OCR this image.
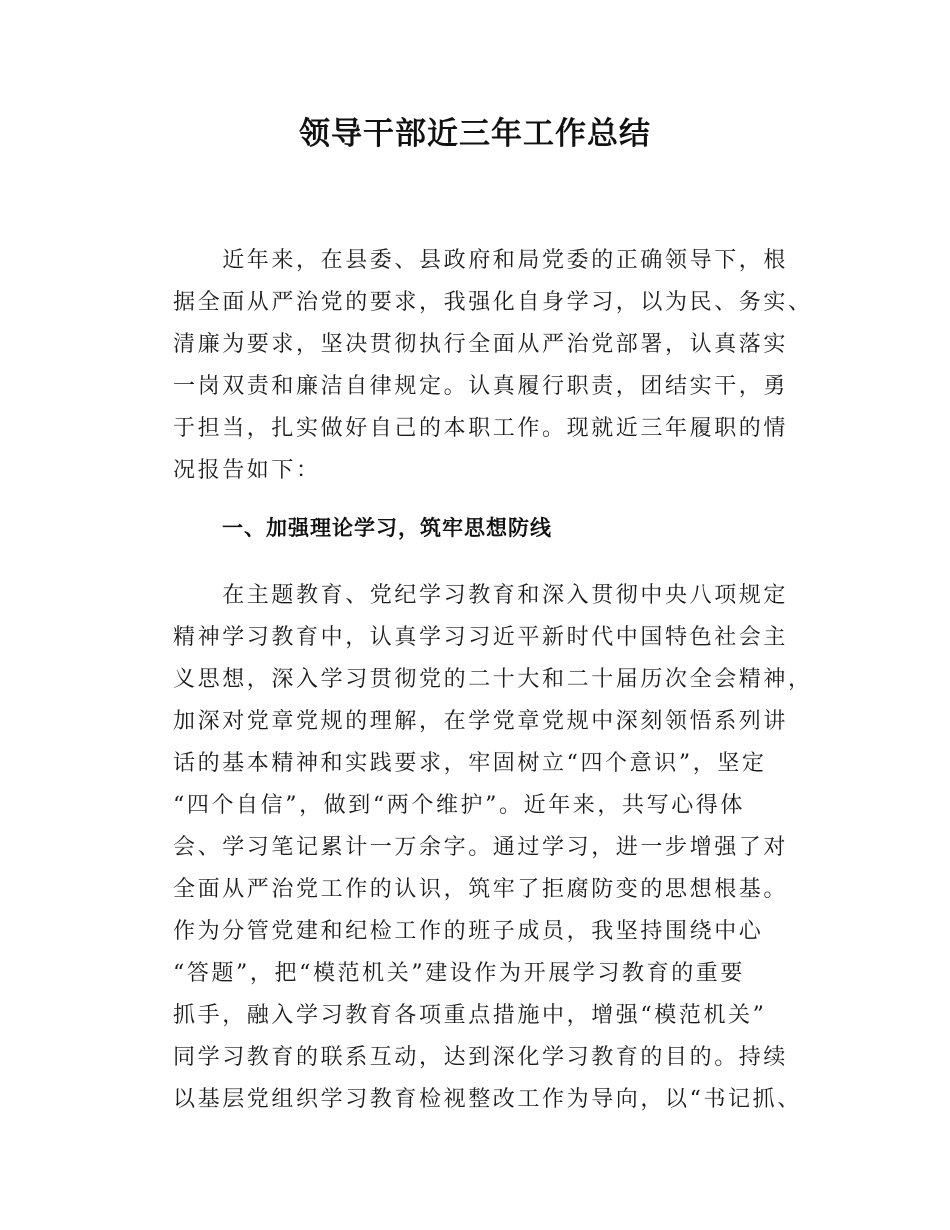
领导干部近三年工作总结
　　近年来，在县委、县政府和局党委的正确领导下，根
据全面从严治党的要求，我强化自身学习，以为民、务实、
清廉为要求，坚决贯彻执行全面从严治党部署，认真落实
一岗双责和廉洁自律规定。认真履行职责，团结实干，勇
于担当，扎实做好自己的本职工作。现就近三年履职的情
况报告如下：
一、加强理论学习，筑牢思想防线
　　在主题教育、党纪学习教育和深入贯彻中央八项规定
精神学习教育中，认真学习习近平新时代中国特色社会主
义思想，深入学习贯彻党的二十大和二十届历次全会精神，
加深对党章党规的理解，在学党章党规中深刻领悟系列讲
话的基本精神和实践要求，牢固树立“四个意识”，坚定
“四个自信”，做到“两个维护”。近年来，共写心得体
会、学习笔记累计一万余字。通过学习，进一步增强了对
全面从严治党工作的认识，筑牢了拒腐防变的思想根基。
作为分管党建和纪检工作的班子成员，我坚持围绕中心
“答题”，把“模范机关”建设作为开展学习教育的重要
抓手，融入学习教育各项重点措施中，增强“模范机关”
同学习教育的联系互动，达到深化学习教育的目的。持续
以基层党组织学习教育检视整改工作为导向，以“书记抓、
